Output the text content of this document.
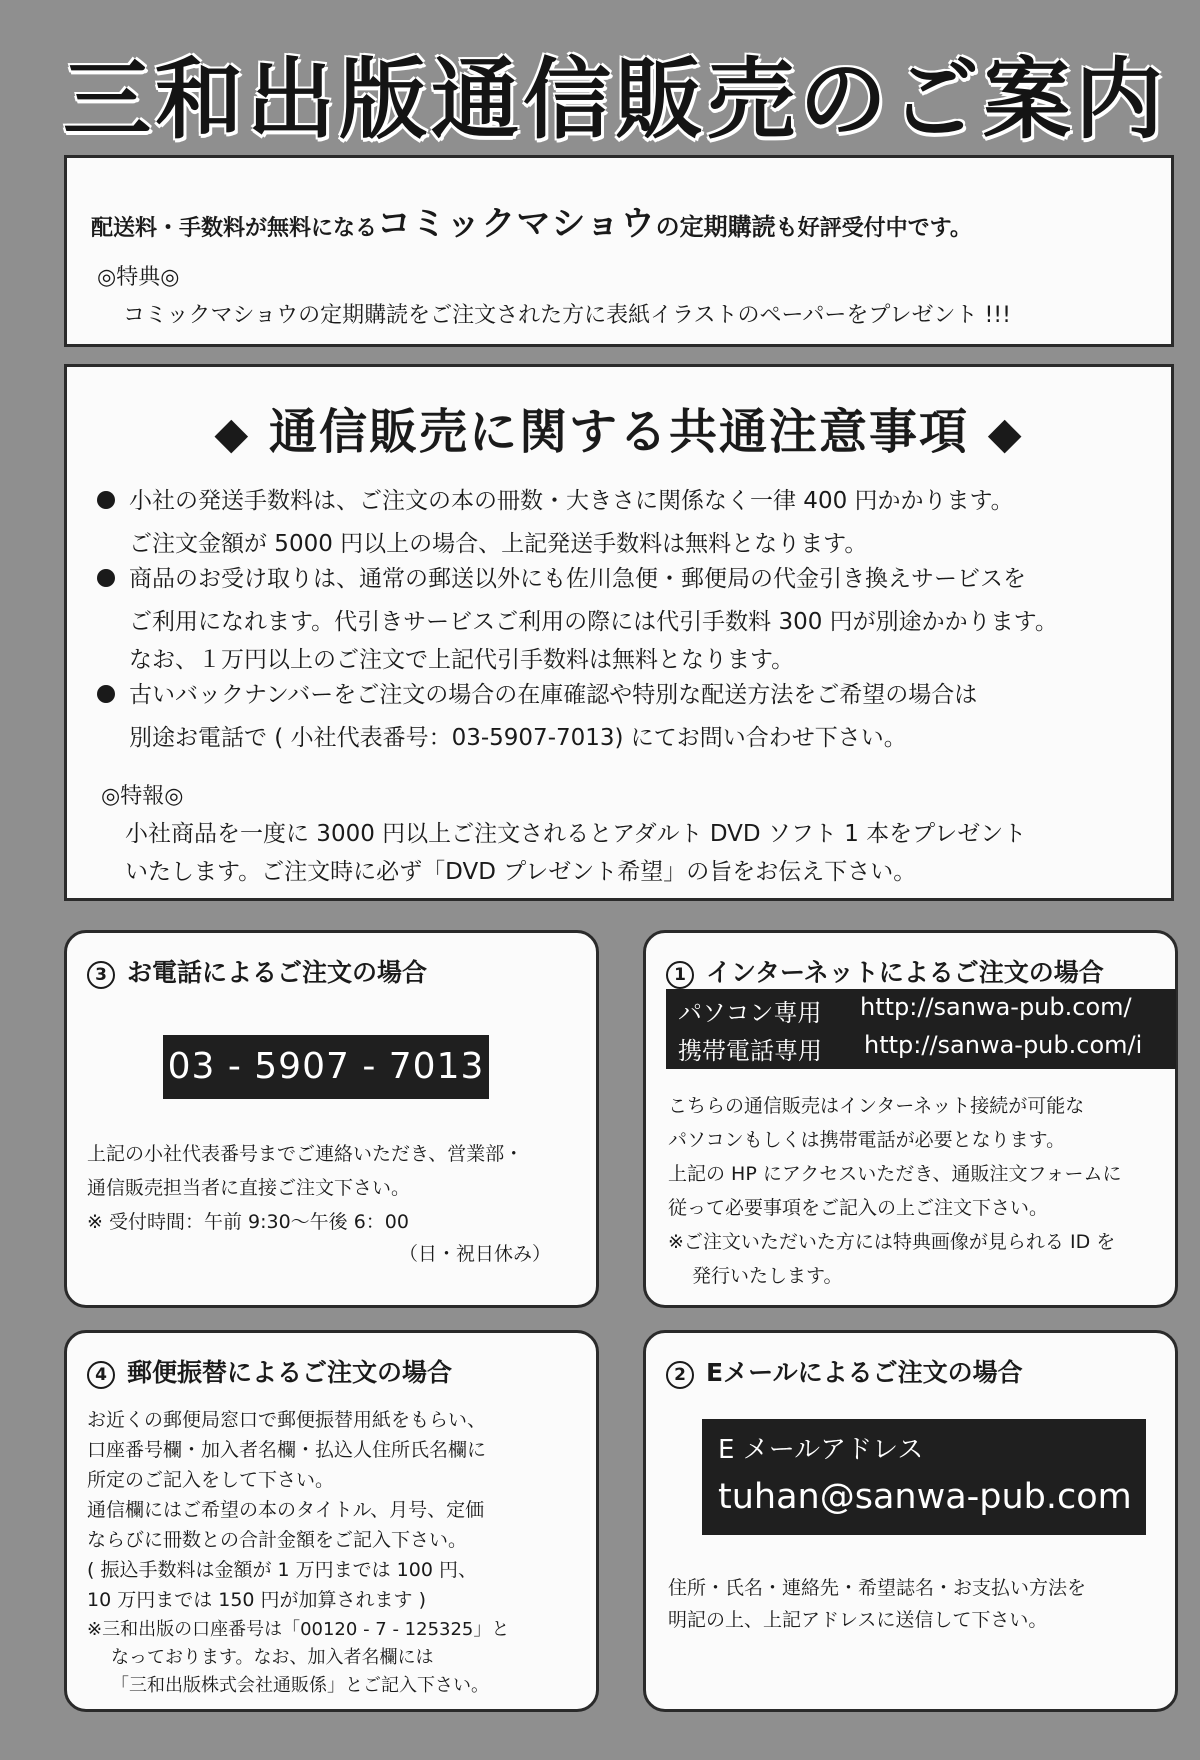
三和出版通信販売のご案内
配送料・手数料が無料になるコミックマショウの定期購読も好評受付中です。
◎特典◎
コミックマショウの定期購読をご注文された方に表紙イラストのペーパーをプレゼント !!!
◆ 通信販売に関する共通注意事項 ◆
小社の発送手数料は、ご注文の本の冊数・大きさに関係なく一律 400 円かかります。
ご注文金額が 5000 円以上の場合、上記発送手数料は無料となります。
商品のお受け取りは、通常の郵送以外にも佐川急便・郵便局の代金引き換えサービスを
ご利用になれます。代引きサービスご利用の際には代引手数料 300 円が別途かかります。
なお、１万円以上のご注文で上記代引手数料は無料となります。
古いバックナンバーをご注文の場合の在庫確認や特別な配送方法をご希望の場合は
別途お電話で ( 小社代表番号：03-5907-7013) にてお問い合わせ下さい。
◎特報◎
小社商品を一度に 3000 円以上ご注文されるとアダルト DVD ソフト 1 本をプレゼント
いたします。ご注文時に必ず「DVD プレゼント希望」の旨をお伝え下さい。
3 お電話によるご注文の場合
03 - 5907 - 7013
上記の小社代表番号までご連絡いただき、営業部・
通信販売担当者に直接ご注文下さい。
※ 受付時間：午前 9:30～午後 6：00
（日・祝日休み）
1 インターネットによるご注文の場合
パソコン専用 http://sanwa-pub.com/
携帯電話専用 http://sanwa-pub.com/i
こちらの通信販売はインターネット接続が可能な
パソコンもしくは携帯電話が必要となります。
上記の HP にアクセスいただき、通販注文フォームに
従って必要事項をご記入の上ご注文下さい。
※ご注文いただいた方には特典画像が見られる ID を
発行いたします。
4 郵便振替によるご注文の場合
お近くの郵便局窓口で郵便振替用紙をもらい、
口座番号欄・加入者名欄・払込人住所氏名欄に
所定のご記入をして下さい。
通信欄にはご希望の本のタイトル、月号、定価
ならびに冊数との合計金額をご記入下さい。
( 振込手数料は金額が 1 万円までは 100 円、
10 万円までは 150 円が加算されます )
※三和出版の口座番号は「00120 - 7 - 125325」と
なっております。なお、加入者名欄には
「三和出版株式会社通販係」とご記入下さい。
2 Eメールによるご注文の場合
E メールアドレス
tuhan@sanwa-pub.com
住所・氏名・連絡先・希望誌名・お支払い方法を
明記の上、上記アドレスに送信して下さい。
